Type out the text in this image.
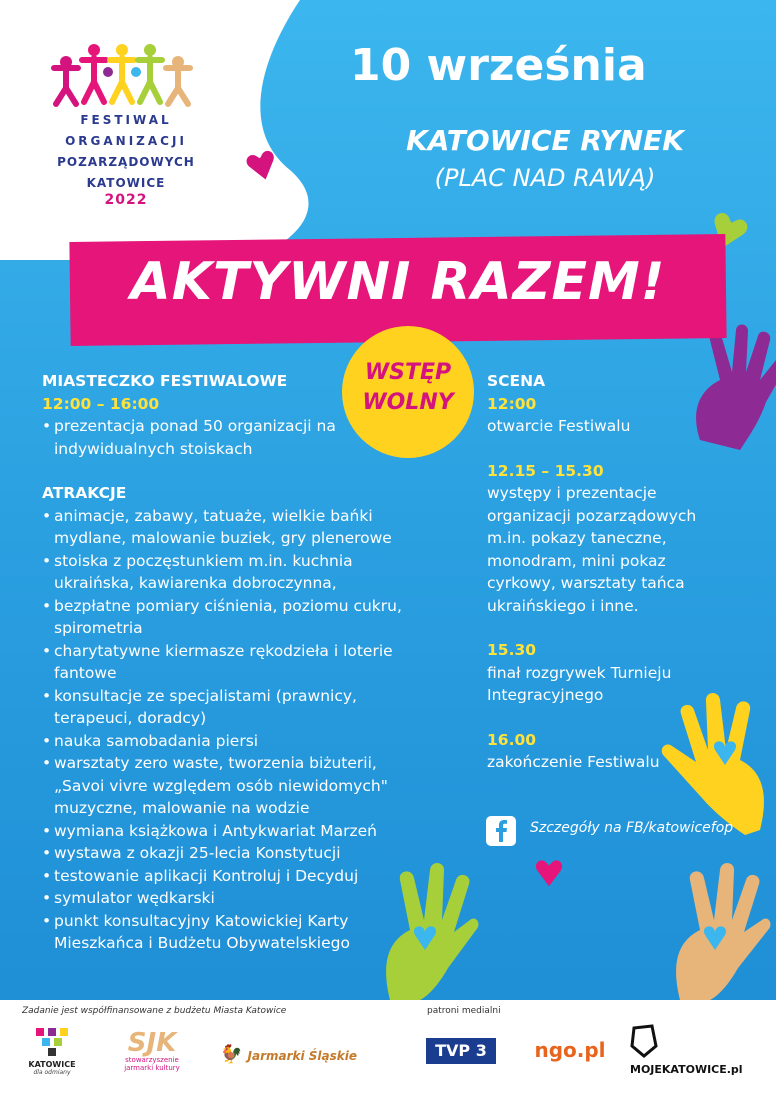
FESTIWAL
ORGANIZACJI
POZARZĄDOWYCH
KATOWICE
2022
10 września
KATOWICE RYNEK
(PLAC NAD RAWĄ)
AKTYWNI RAZEM!
WSTĘP
WOLNY
MIASTECZKO FESTIWALOWE
12:00 – 16:00
• prezentacja ponad 50 organizacji na indywidualnych stoiskach
ATRAKCJE
• animacje, zabawy, tatuaże, wielkie bańki mydlane, malowanie buziek, gry plenerowe
• stoiska z poczęstunkiem m.in. kuchnia ukraińska, kawiarenka dobroczynna,
• bezpłatne pomiary ciśnienia, poziomu cukru, spirometria
• charytatywne kiermasze rękodzieła i loterie fantowe
• konsultacje ze specjalistami (prawnicy, terapeuci, doradcy)
• nauka samobadania piersi
• warsztaty zero waste, tworzenia biżuterii, „Savoi vivre względem osób niewidomych" muzyczne, malowanie na wodzie
• wymiana książkowa i Antykwariat Marzeń
• wystawa z okazji 25-lecia Konstytucji
• testowanie aplikacji Kontroluj i Decyduj
• symulator wędkarski
• punkt konsultacyjny Katowickiej Karty Mieszkańca i Budżetu Obywatelskiego
SCENA
12:00
otwarcie Festiwalu
12.15 – 15.30
występy i prezentacje organizacji pozarządowych m.in. pokazy taneczne, monodram, mini pokaz cyrkowy, warsztaty tańca ukraińskiego i inne.
15.30
finał rozgrywek Turnieju Integracyjnego
16.00
zakończenie Festiwalu
Szczegóły na FB/katowicefop
Zadanie jest współfinansowane z budżetu Miasta Katowice	patroni medialni
KATOWICE
dla odmiany
SJK
stowarzyszenie jarmarki kultury
🐓 Jarmarki Śląskie	TVP 3	ngo.pl
MOJEKATOWICE.pl
